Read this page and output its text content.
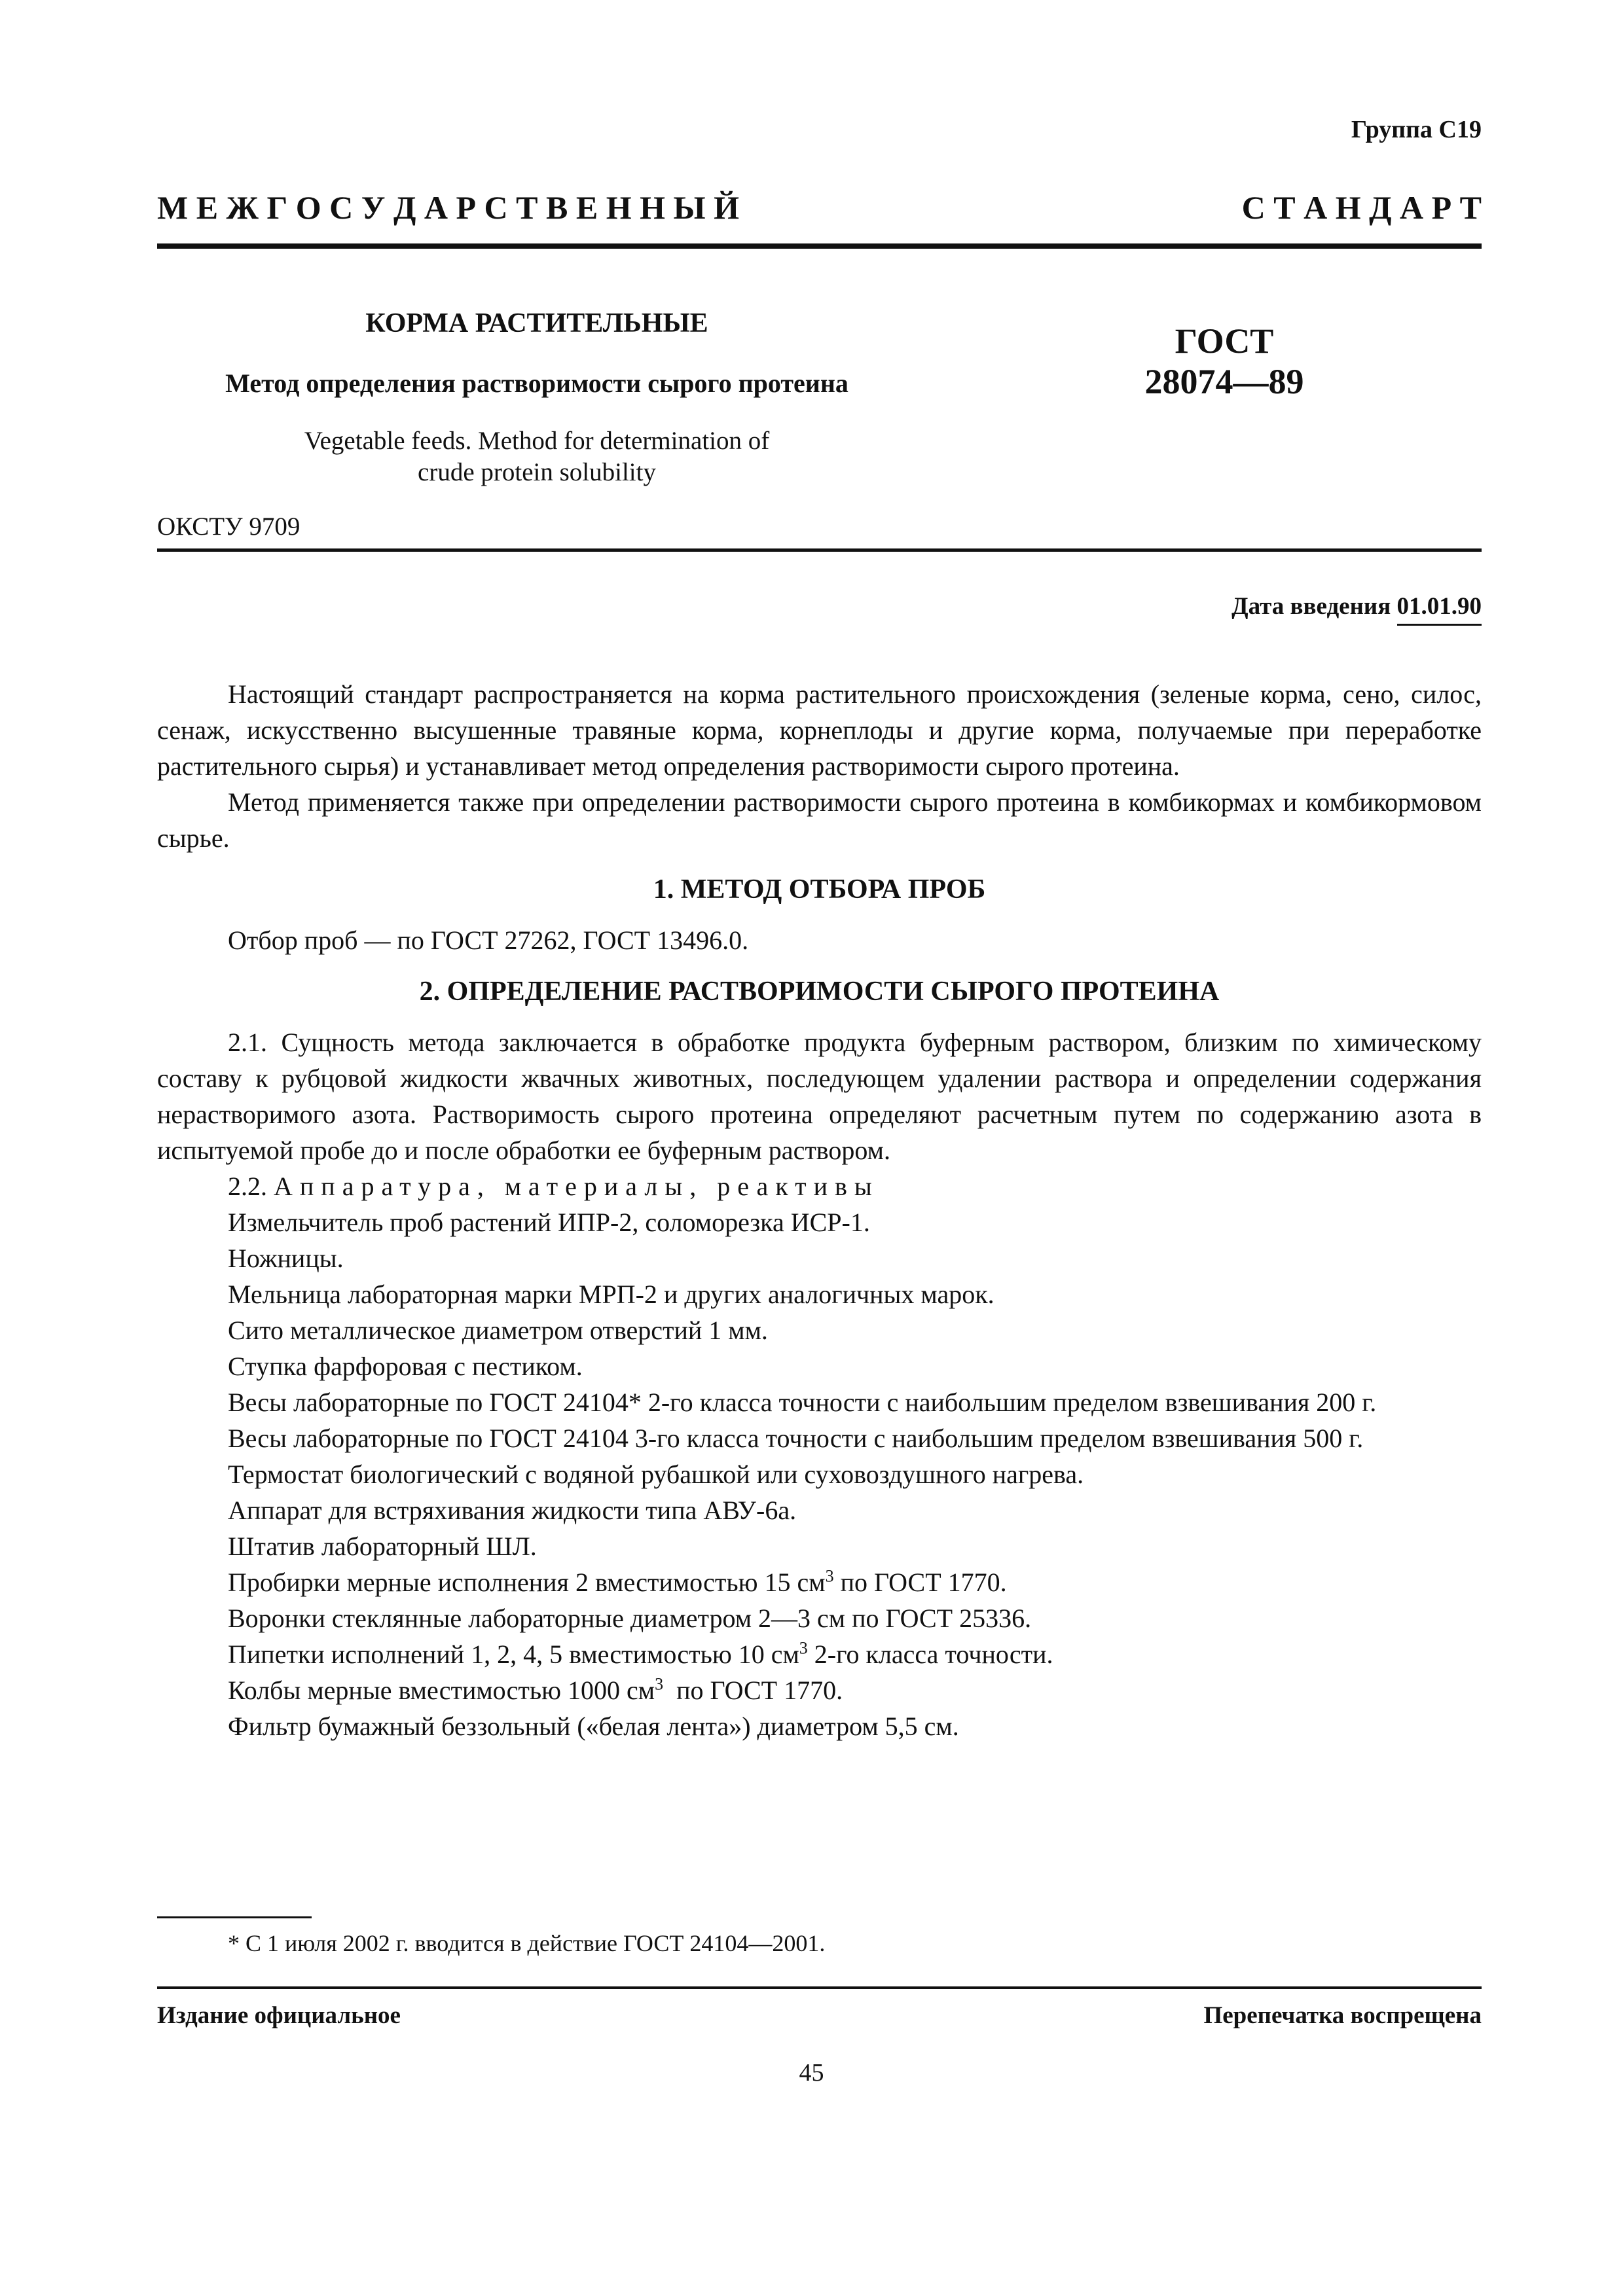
Группа С19
М Е Ж Г О С У Д А Р С Т В Е Н Н Ы Й	С Т А Н Д А Р Т
КОРМА РАСТИТЕЛЬНЫЕ
Метод определения растворимости сырого протеина
Vegetable feeds. Method for determination of
crude protein solubility
ГОСТ
28074—89
ОКСТУ 9709
Дата введения 01.01.90

Настоящий стандарт распространяется на корма растительного происхождения (зеленые корма, сено, силос, сенаж, искусственно высушенные травяные корма, корнеплоды и другие корма, получаемые при переработке растительного сырья) и устанавливает метод определения растворимости сырого протеина.

Метод применяется также при определении растворимости сырого протеина в комбикормах и комбикормовом сырье.

1. МЕТОД ОТБОРА ПРОБ

Отбор проб — по ГОСТ 27262, ГОСТ 13496.0.

2. ОПРЕДЕЛЕНИЕ РАСТВОРИМОСТИ СЫРОГО ПРОТЕИНА

2.1. Сущность метода заключается в обработке продукта буферным раствором, близким по химическому составу к рубцовой жидкости жвачных животных, последующем удалении раствора и определении содержания нерастворимого азота. Растворимость сырого протеина определяют расчетным путем по содержанию азота в испытуемой пробе до и после обработки ее буферным раствором.

2.2. Аппаратура, материалы, реактивы

Измельчитель проб растений ИПР-2, соломорезка ИСР-1.

Ножницы.

Мельница лабораторная марки МРП-2 и других аналогичных марок.

Сито металлическое диаметром отверстий 1 мм.

Ступка фарфоровая с пестиком.

Весы лабораторные по ГОСТ 24104* 2-го класса точности с наибольшим пределом взвешивания 200 г.

Весы лабораторные по ГОСТ 24104 3-го класса точности с наибольшим пределом взвешивания 500 г.

Термостат биологический с водяной рубашкой или суховоздушного нагрева.

Аппарат для встряхивания жидкости типа АВУ-6а.

Штатив лабораторный ШЛ.

Пробирки мерные исполнения 2 вместимостью 15 $см^3$ по ГОСТ 1770.

Воронки стеклянные лабораторные диаметром 2—3 см по ГОСТ 25336.

Пипетки исполнений 1, 2, 4, 5 вместимостью 10 $см^3$ 2-го класса точности.

Колбы мерные вместимостью 1000 $см^3$  по ГОСТ 1770.

Фильтр бумажный беззольный («белая лента») диаметром 5,5 см.

* С 1 июля 2002 г. вводится в действие ГОСТ 24104—2001.
Издание официальное	Перепечатка воспрещена
45
